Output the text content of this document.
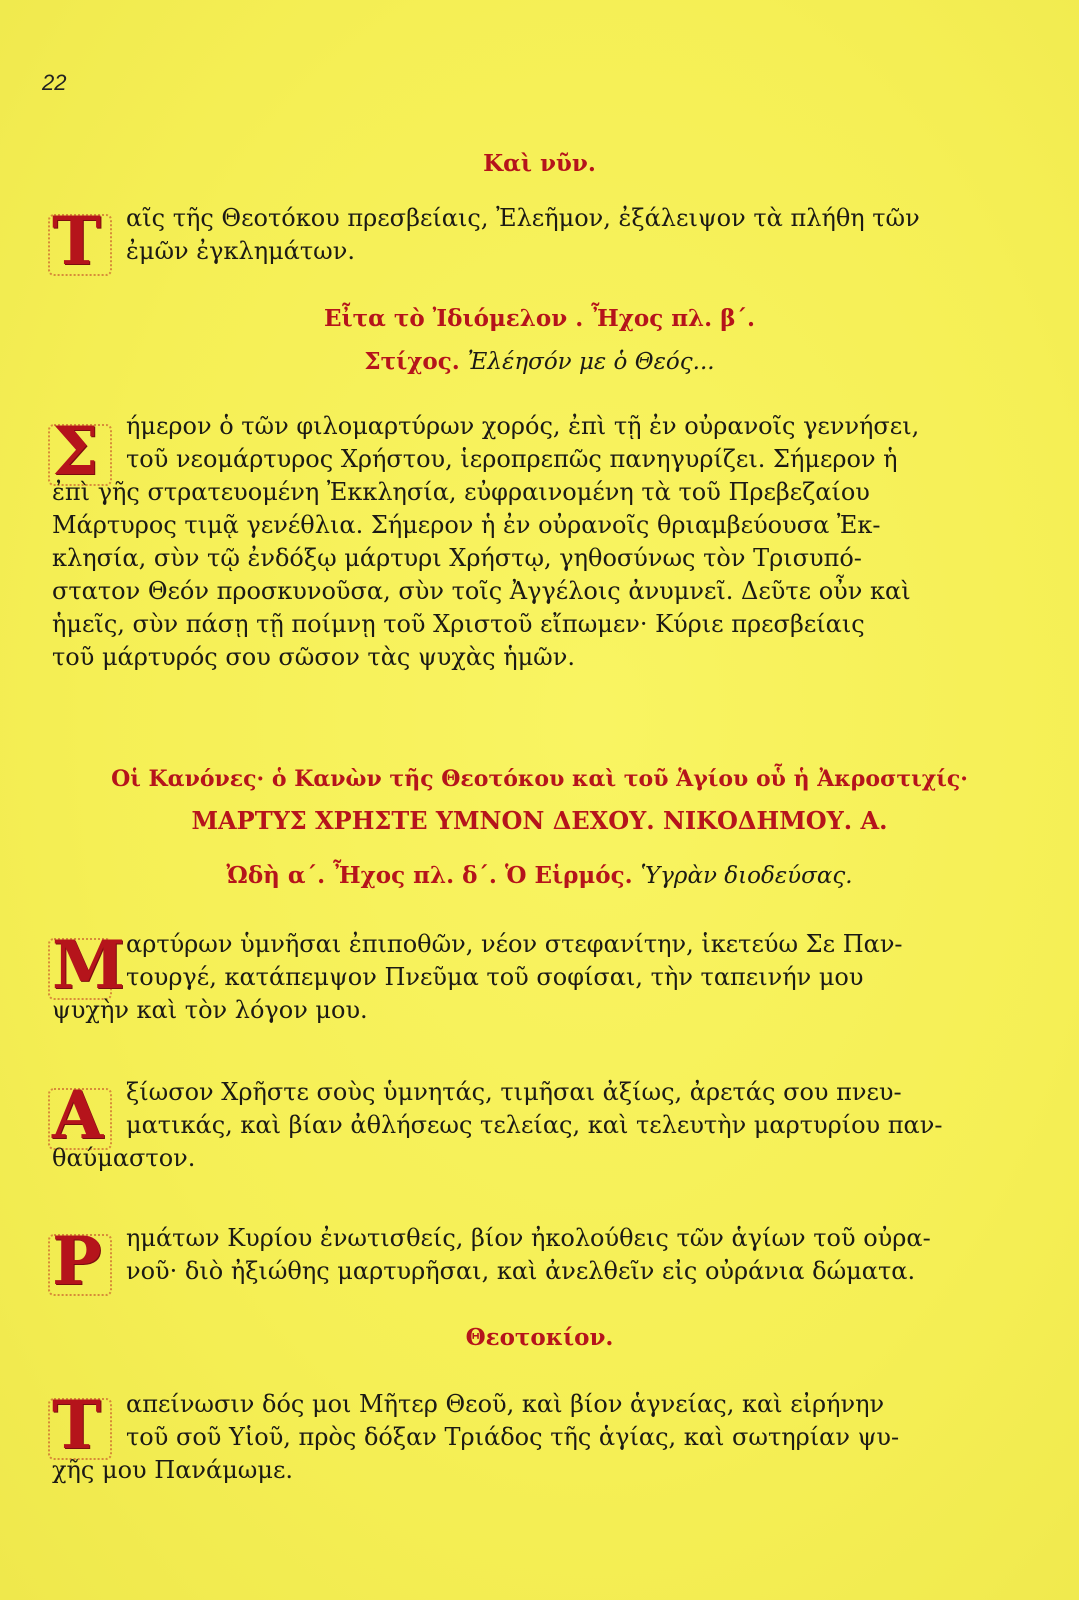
22
Καὶ νῦν.
Τ	αῖς τῆς Θεοτόκου πρεσβείαις, Ἐλεῆμον, ἐξάλειψον τὰ πλήθη τῶν
ἐμῶν ἐγκλημάτων.
Εἶτα τὸ Ἰδιόμελον . Ἦχος πλ. β΄.
Στίχος. Ἐλέησόν με ὁ Θεός...
Σ	ήμερον ὁ τῶν φιλομαρτύρων χορός, ἐπὶ τῇ ἐν οὐρανοῖς γεννήσει,
τοῦ νεομάρτυρος Χρήστου, ἱεροπρεπῶς πανηγυρίζει. Σήμερον ἡ
ἐπὶ γῆς στρατευομένη Ἐκκλησία, εὐφραινομένη τὰ τοῦ Πρεβεζαίου
Μάρτυρος τιμᾷ γενέθλια. Σήμερον ἡ ἐν οὐρανοῖς θριαμβεύουσα Ἐκ-
κλησία, σὺν τῷ ἐνδόξῳ μάρτυρι Χρήστῳ, γηθοσύνως τὸν Τρισυπό-
στατον Θεόν προσκυνοῦσα, σὺν τοῖς Ἀγγέλοις ἀνυμνεῖ. Δεῦτε οὖν καὶ
ἡμεῖς, σὺν πάσῃ τῇ ποίμνῃ τοῦ Χριστοῦ εἴπωμεν· Κύριε πρεσβείαις
τοῦ μάρτυρός σου σῶσον τὰς ψυχὰς ἡμῶν.
Οἱ Κανόνες· ὁ Κανὼν τῆς Θεοτόκου καὶ τοῦ Ἁγίου οὗ ἡ Ἀκροστιχίς·
ΜΑΡΤΥΣ ΧΡΗΣΤΕ ΥΜΝΟΝ ΔΕΧΟΥ. ΝΙΚΟΔΗΜΟΥ. Α.
Ὠδὴ α΄. Ἦχος πλ. δ΄. Ὁ Εἱρμός. Ὑγρὰν διοδεύσας.
Μ αρτύρων ὑμνῆσαι ἐπιποθῶν, νέον στεφανίτην, ἱκετεύω Σε Παν-
τουργέ, κατάπεμψον Πνεῦμα τοῦ σοφίσαι, τὴν ταπεινήν μου
ψυχὴν καὶ τὸν λόγον μου.
Α ξίωσον Χρῆστε σοὺς ὑμνητάς, τιμῆσαι ἀξίως, ἀρετάς σου πνευ-
ματικάς, καὶ βίαν ἀθλήσεως τελείας, καὶ τελευτὴν μαρτυρίου παν-
θαύμαστον.
Ρ	ημάτων Κυρίου ἐνωτισθείς, βίον ἠκολούθεις τῶν ἁγίων τοῦ οὐρα-
νοῦ· διὸ ἠξιώθης μαρτυρῆσαι, καὶ ἀνελθεῖν εἰς οὐράνια δώματα.
Θεοτοκίον.
Τ	απείνωσιν δός μοι Μῆτερ Θεοῦ, καὶ βίον ἁγνείας, καὶ εἰρήνην
τοῦ σοῦ Υἱοῦ, πρὸς δόξαν Τριάδος τῆς ἁγίας, καὶ σωτηρίαν ψυ-
χῆς μου Πανάμωμε.
